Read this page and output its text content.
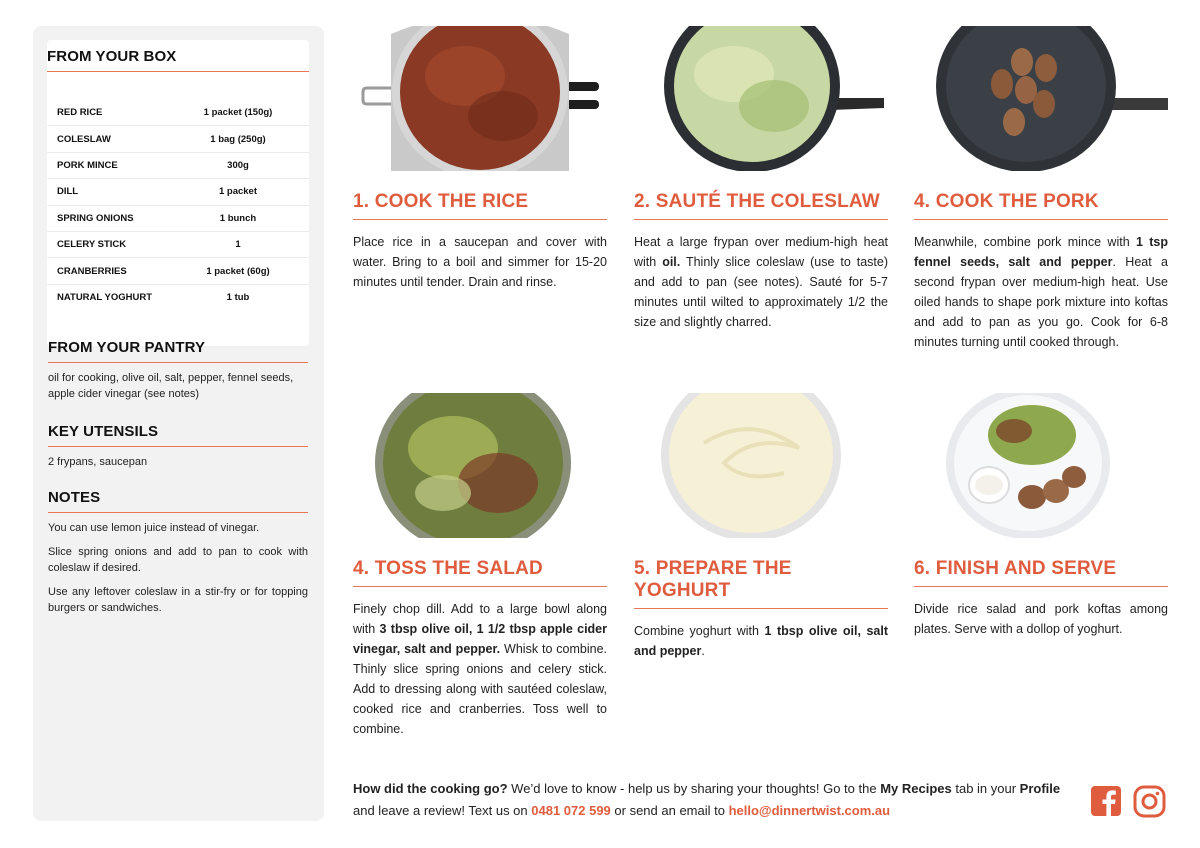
FROM YOUR BOX
RED RICE	1 packet (150g)
COLESLAW	1 bag (250g)
PORK MINCE	300g
DILL	1 packet
SPRING ONIONS	1 bunch
CELERY STICK	1
CRANBERRIES	1 packet (60g)
NATURAL YOGHURT	1 tub
FROM YOUR PANTRY
oil for cooking, olive oil, salt, pepper, fennel seeds, apple cider vinegar (see notes)
KEY UTENSILS
2 frypans, saucepan
NOTES

You can use lemon juice instead of vinegar.

Slice spring onions and add to pan to cook with coleslaw if desired.

Use any leftover coleslaw in a stir-fry or for topping burgers or sandwiches.

1. COOK THE RICE
Place rice in a saucepan and cover with water. Bring to a boil and simmer for 15-20 minutes until tender. Drain and rinse.
2. SAUTÉ THE COLESLAW
Heat a large frypan over medium-high heat with oil. Thinly slice coleslaw (use to taste) and add to pan (see notes). Sauté for 5-7 minutes until wilted to approximately 1/2 the size and slightly charred.
4. COOK THE PORK
Meanwhile, combine pork mince with 1 tsp fennel seeds, salt and pepper. Heat a second frypan over medium-high heat. Use oiled hands to shape pork mixture into koftas and add to pan as you go. Cook for 6-8 minutes turning until cooked through.
4. TOSS THE SALAD
Finely chop dill. Add to a large bowl along with 3 tbsp olive oil, 1 1/2 tbsp apple cider vinegar, salt and pepper. Whisk to combine. Thinly slice spring onions and celery stick. Add to dressing along with sautéed coleslaw, cooked rice and cranberries. Toss well to combine.
5. PREPARE THE YOGHURT
Combine yoghurt with 1 tbsp olive oil, salt and pepper.
6. FINISH AND SERVE
Divide rice salad and pork koftas among plates. Serve with a dollop of yoghurt.
How did the cooking go? We’d love to know - help us by sharing your thoughts! Go to the My Recipes tab in your Profile and leave a review! Text us on 0481 072 599 or send an email to hello@dinnertwist.com.au
